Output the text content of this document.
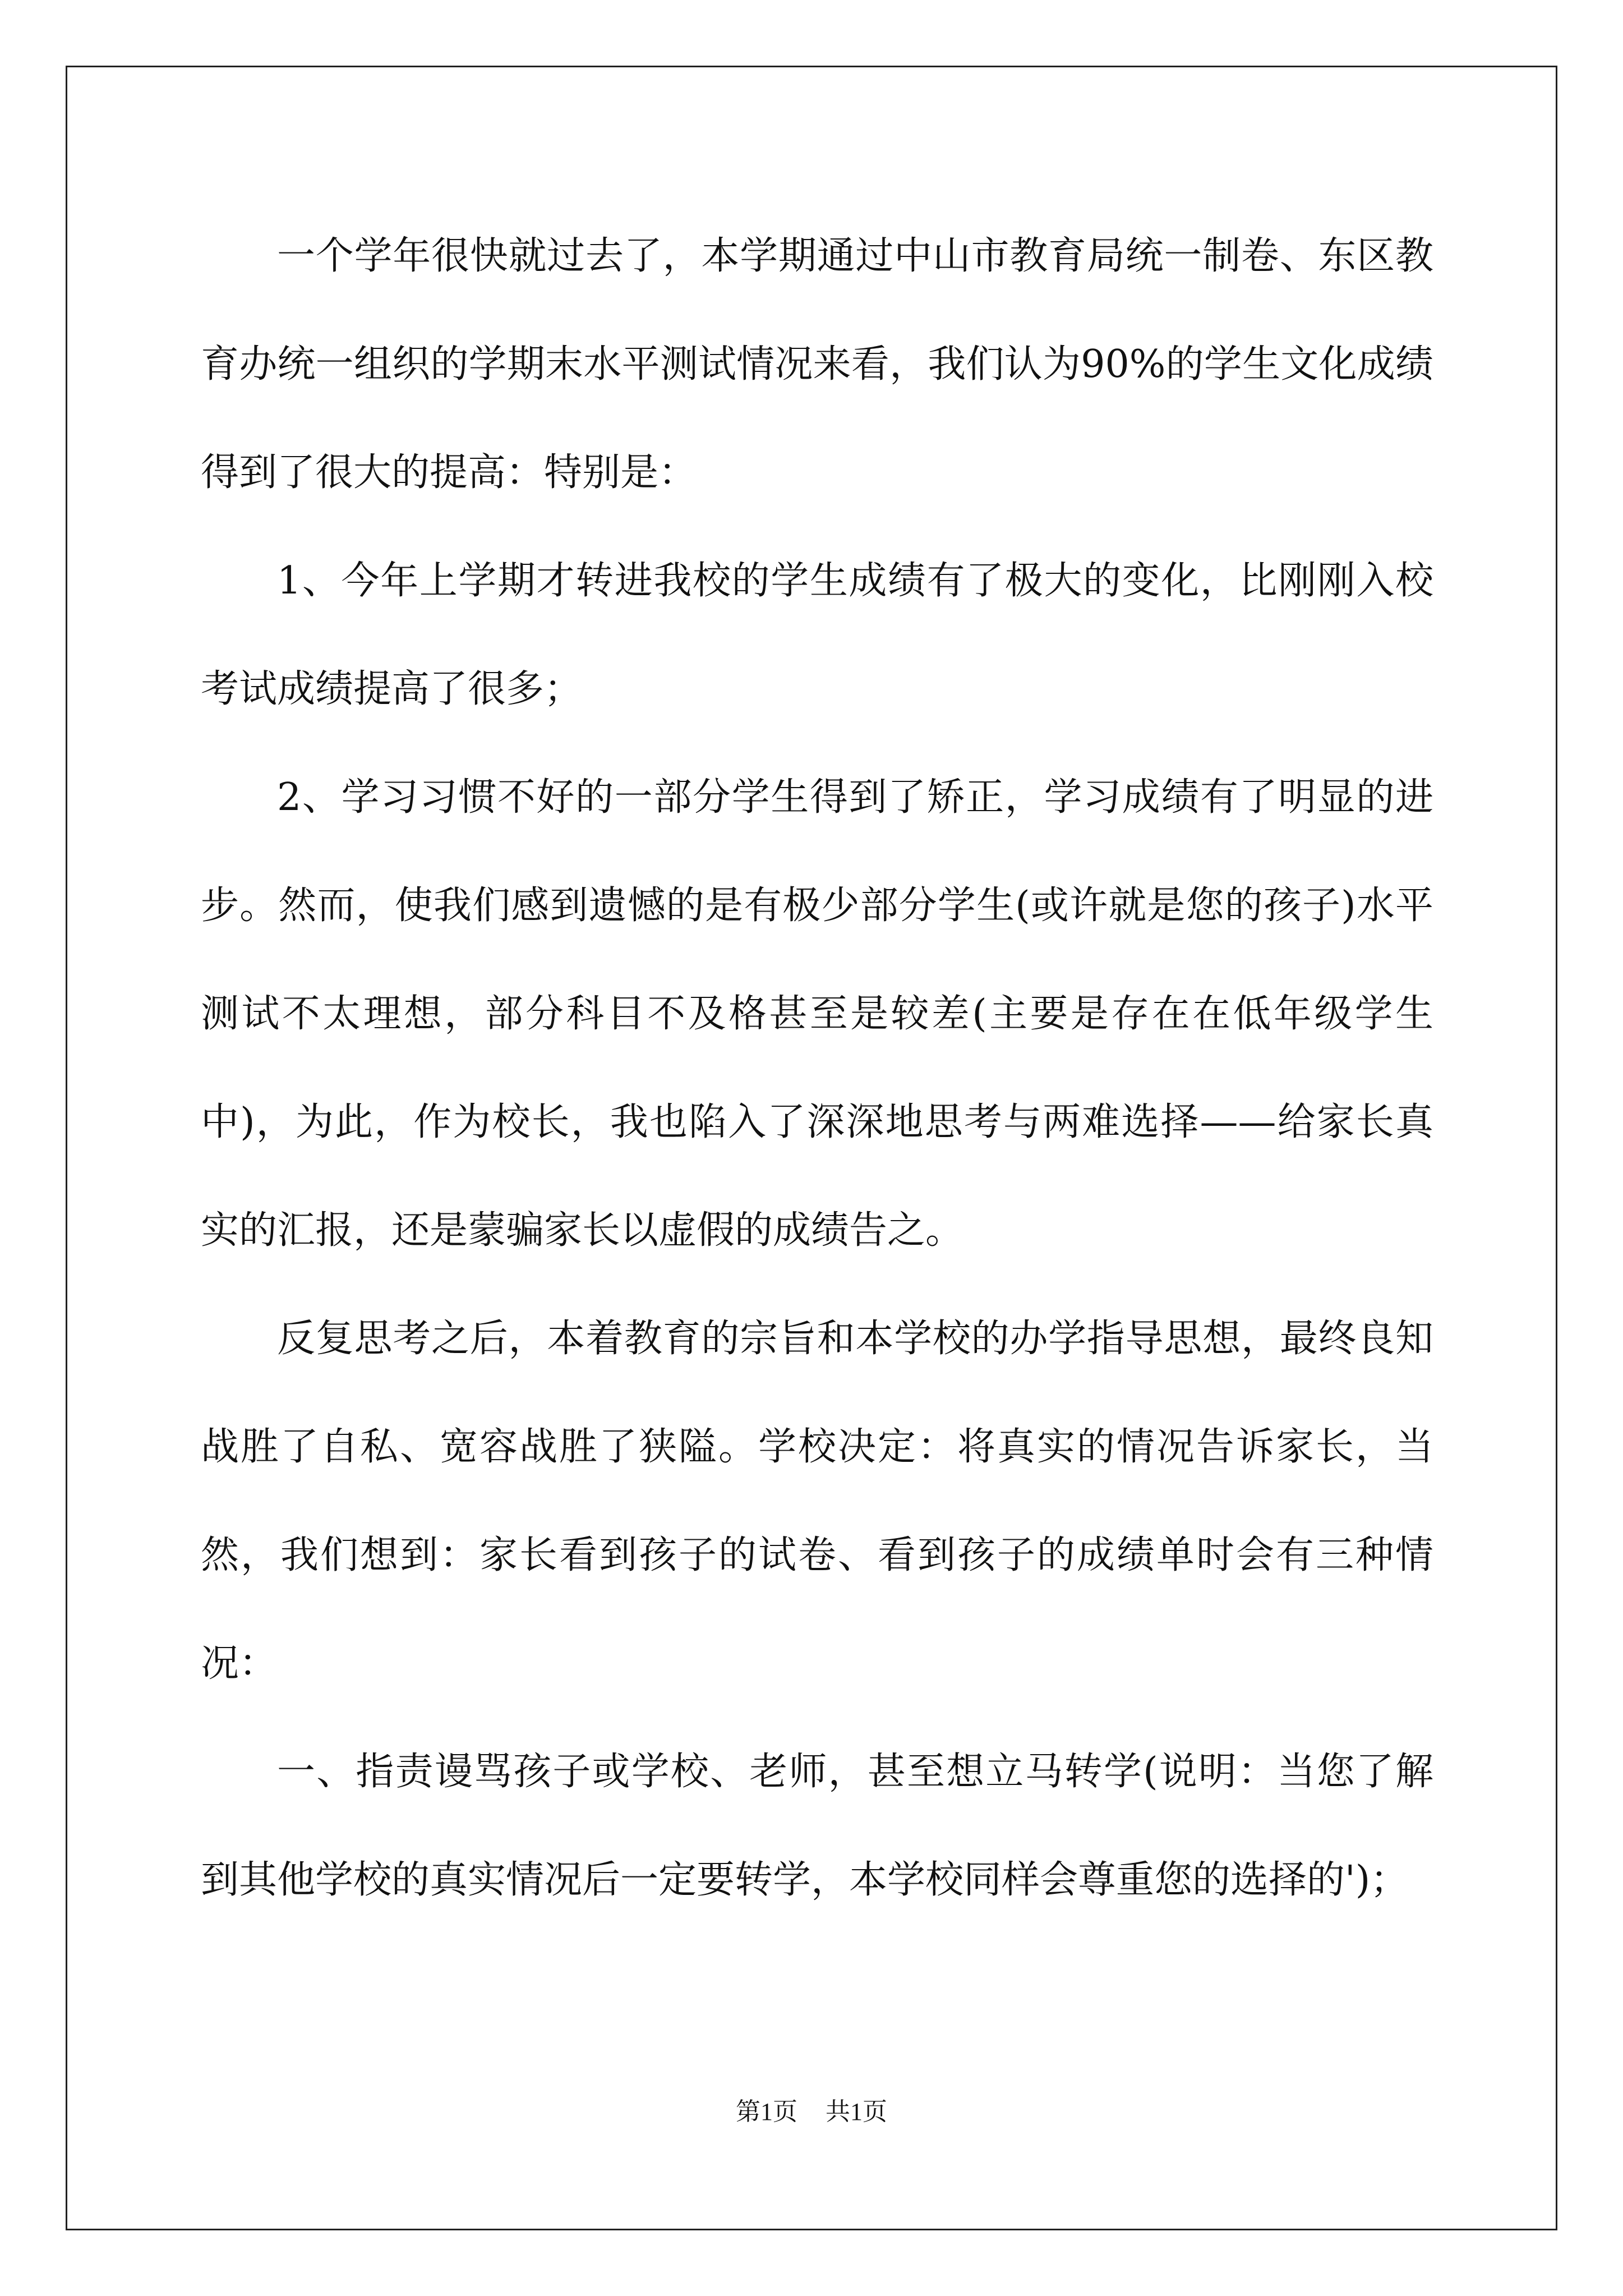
一个学年很快就过去了，本学期通过中山市教育局统一制卷、东区教育办统一组织的学期末水平测试情况来看，我们认为90%的学生文化成绩得到了很大的提高：特别是：

1、今年上学期才转进我校的学生成绩有了极大的变化，比刚刚入校考试成绩提高了很多；

2、学习习惯不好的一部分学生得到了矫正，学习成绩有了明显的进步。然而，使我们感到遗憾的是有极少部分学生(或许就是您的孩子)水平测试不太理想，部分科目不及格甚至是较差(主要是存在在低年级学生中)，为此，作为校长，我也陷入了深深地思考与两难选择——给家长真实的汇报，还是蒙骗家长以虚假的成绩告之。

反复思考之后，本着教育的宗旨和本学校的办学指导思想，最终良知战胜了自私、宽容战胜了狭隘。学校决定：将真实的情况告诉家长，当然，我们想到：家长看到孩子的试卷、看到孩子的成绩单时会有三种情况：

一、指责谩骂孩子或学校、老师，甚至想立马转学(说明：当您了解到其他学校的真实情况后一定要转学，本学校同样会尊重您的选择的')；

第1页 共1页
